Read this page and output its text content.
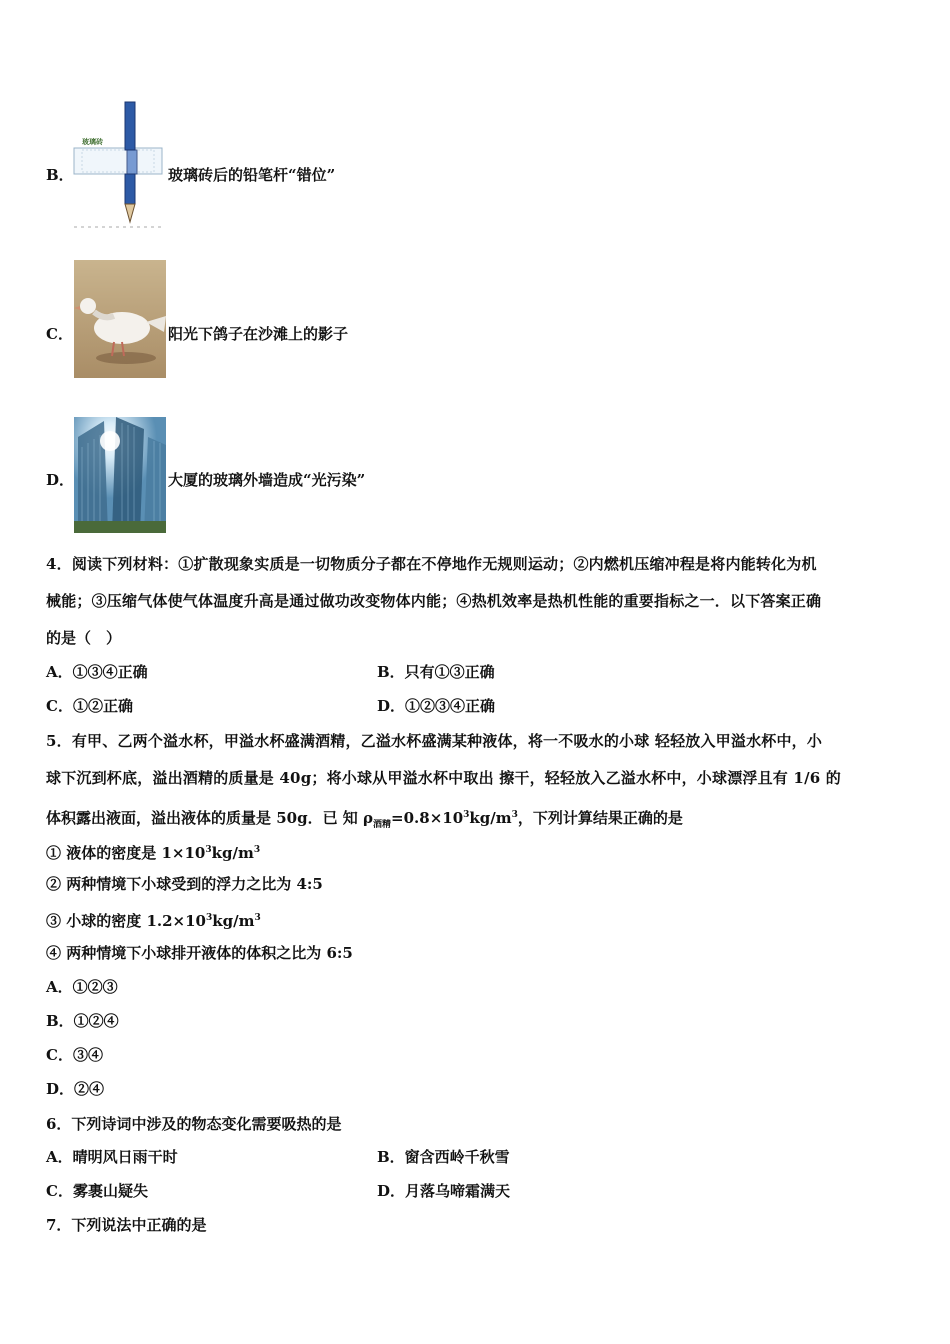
B．
玻璃砖
玻璃砖后的铅笔杆“错位”
C．	阳光下鸽子在沙滩上的影子
D．	大厦的玻璃外墙造成“光污染”
4．阅读下列材料：①扩散现象实质是一切物质分子都在不停地作无规则运动；②内燃机压缩冲程是将内能转化为机
械能；③压缩气体使气体温度升高是通过做功改变物体内能；④热机效率是热机性能的重要指标之一．以下答案正确
的是（　）
A．①③④正确	B．只有①③正确
C．①②正确	D．①②③④正确
5．有甲、乙两个溢水杯，甲溢水杯盛满酒精，乙溢水杯盛满某种液体，将一不吸水的小球 轻轻放入甲溢水杯中，小
球下沉到杯底，溢出酒精的质量是 40g；将小球从甲溢水杯中取出 擦干，轻轻放入乙溢水杯中，小球漂浮且有 1/6 的
体积露出液面，溢出液体的质量是 50g．已 知 $\rho_{酒精}=0.8\times 10^3kg/m^3$，下列计算结果正确的是
① 液体的密度是 $1\times 10^3kg/m^3$
② 两种情境下小球受到的浮力之比为 4:5
③ 小球的密度 $1.2\times 10^3kg/m^3$
④ 两种情境下小球排开液体的体积之比为 6:5
A．①②③
B．①②④
C．③④
D．②④
6．下列诗词中涉及的物态变化需要吸热的是
A．晴明风日雨干时	B．窗含西岭千秋雪
C．雾裹山疑失	D．月落乌啼霜满天
7．下列说法中正确的是
